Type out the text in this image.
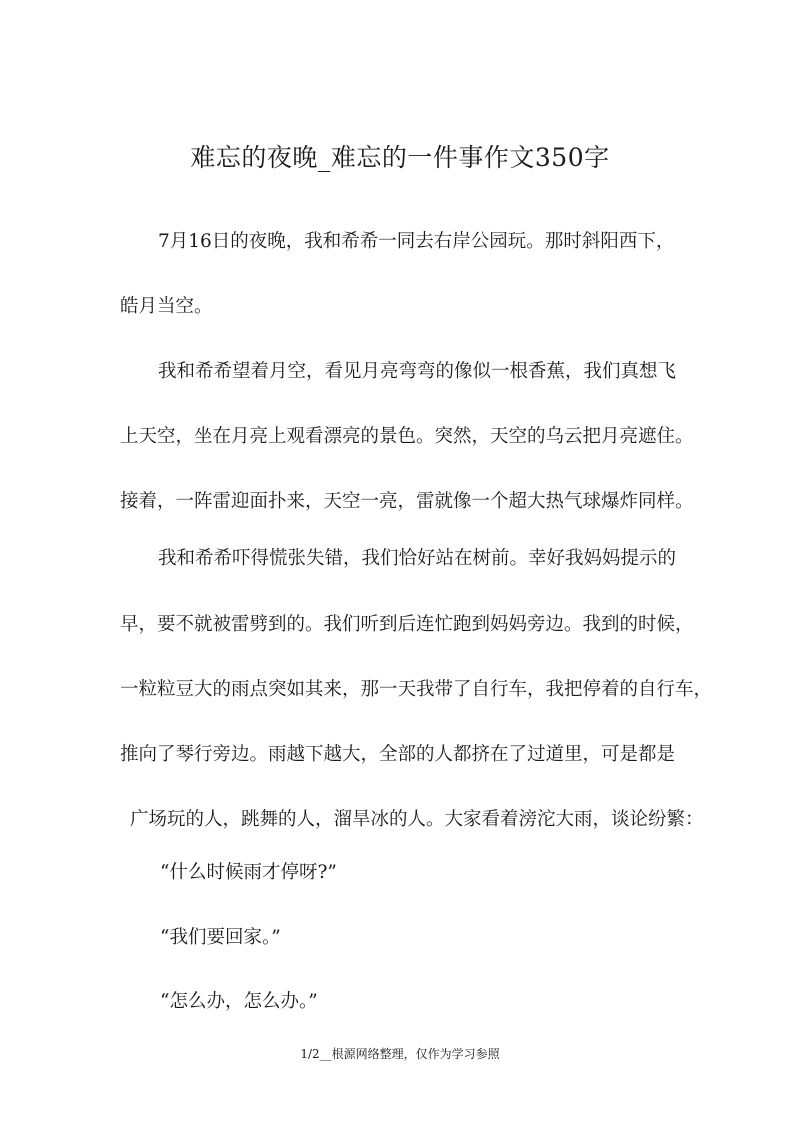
难忘的夜晚_难忘的一件事作文350字
7月16日的夜晚，我和希希一同去右岸公园玩。那时斜阳西下，
皓月当空。
我和希希望着月空，看见月亮弯弯的像似一根香蕉，我们真想飞
上天空，坐在月亮上观看漂亮的景色。突然，天空的乌云把月亮遮住。
接着，一阵雷迎面扑来，天空一亮，雷就像一个超大热气球爆炸同样。
我和希希吓得慌张失错，我们恰好站在树前。幸好我妈妈提示的
早，要不就被雷劈到的。我们听到后连忙跑到妈妈旁边。我到的时候，
一粒粒豆大的雨点突如其来，那一天我带了自行车，我把停着的自行车，
推向了琴行旁边。雨越下越大，全部的人都挤在了过道里，可是都是
广场玩的人，跳舞的人，溜旱冰的人。大家看着滂沱大雨，谈论纷繁：
“什么时候雨才停呀?”
“我们要回家。”
“怎么办，怎么办。”
1/2__根源网络整理，仅作为学习参照
